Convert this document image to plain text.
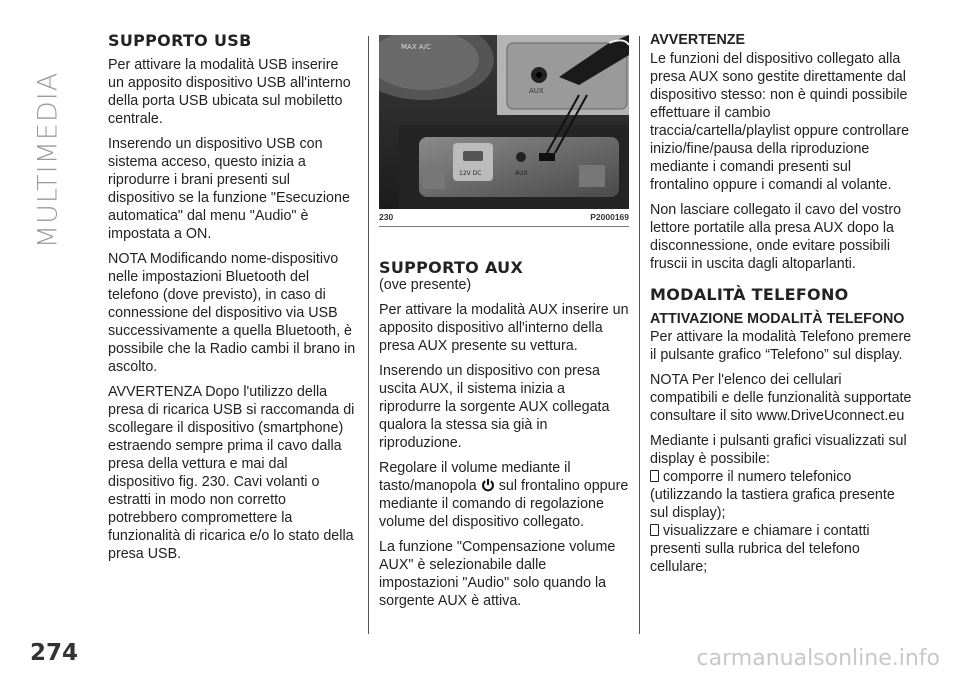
MULTIMEDIA
274
SUPPORTO USB

Per attivare la modalità USB inserire un apposito dispositivo USB all'interno della porta USB ubicata sul mobiletto centrale.

Inserendo un dispositivo USB con sistema acceso, questo inizia a riprodurre i brani presenti sul dispositivo se la funzione "Esecuzione automatica" dal menu "Audio" è impostata a ON.

NOTA Modificando nome-dispositivo nelle impostazioni Bluetooth del telefono (dove previsto), in caso di connessione del dispositivo via USB successivamente a quella Bluetooth, è possibile che la Radio cambi il brano in ascolto.

AVVERTENZA Dopo l'utilizzo della presa di ricarica USB si raccomanda di scollegare il dispositivo (smartphone) estraendo sempre prima il cavo dalla presa della vettura e mai dal dispositivo fig. 230. Cavi volanti o estratti in modo non corretto potrebbero compromettere la funzionalità di ricarica e/o lo stato della presa USB.

MAX A/C
AUX
12V DC	AUX
230	P2000169
SUPPORTO AUX

(ove presente)

Per attivare la modalità AUX inserire un apposito dispositivo all'interno della presa AUX presente su vettura.

Inserendo un dispositivo con presa uscita AUX, il sistema inizia a riprodurre la sorgente AUX collegata qualora la stessa sia già in riproduzione.

Regolare il volume mediante il tasto/manopola sul frontalino oppure mediante il comando di regolazione volume del dispositivo collegato.

La funzione "Compensazione volume AUX" è selezionabile dalle impostazioni "Audio" solo quando la sorgente AUX è attiva.

AVVERTENZE

Le funzioni del dispositivo collegato alla presa AUX sono gestite direttamente dal dispositivo stesso: non è quindi possibile effettuare il cambio traccia/cartella/playlist oppure controllare inizio/fine/pausa della riproduzione mediante i comandi presenti sul frontalino oppure i comandi al volante.

Non lasciare collegato il cavo del vostro lettore portatile alla presa AUX dopo la disconnessione, onde evitare possibili fruscii in uscita dagli altoparlanti.

MODALITÀ TELEFONO
ATTIVAZIONE MODALITÀ TELEFONO

Per attivare la modalità Telefono premere il pulsante grafico “Telefono” sul display.

NOTA Per l'elenco dei cellulari compatibili e delle funzionalità supportate consultare il sito www.DriveUconnect.eu

Mediante i pulsanti grafici visualizzati sul display è possibile:

comporre il numero telefonico (utilizzando la tastiera grafica presente sul display);

visualizzare e chiamare i contatti presenti sulla rubrica del telefono cellulare;

carmanualsonline.info
